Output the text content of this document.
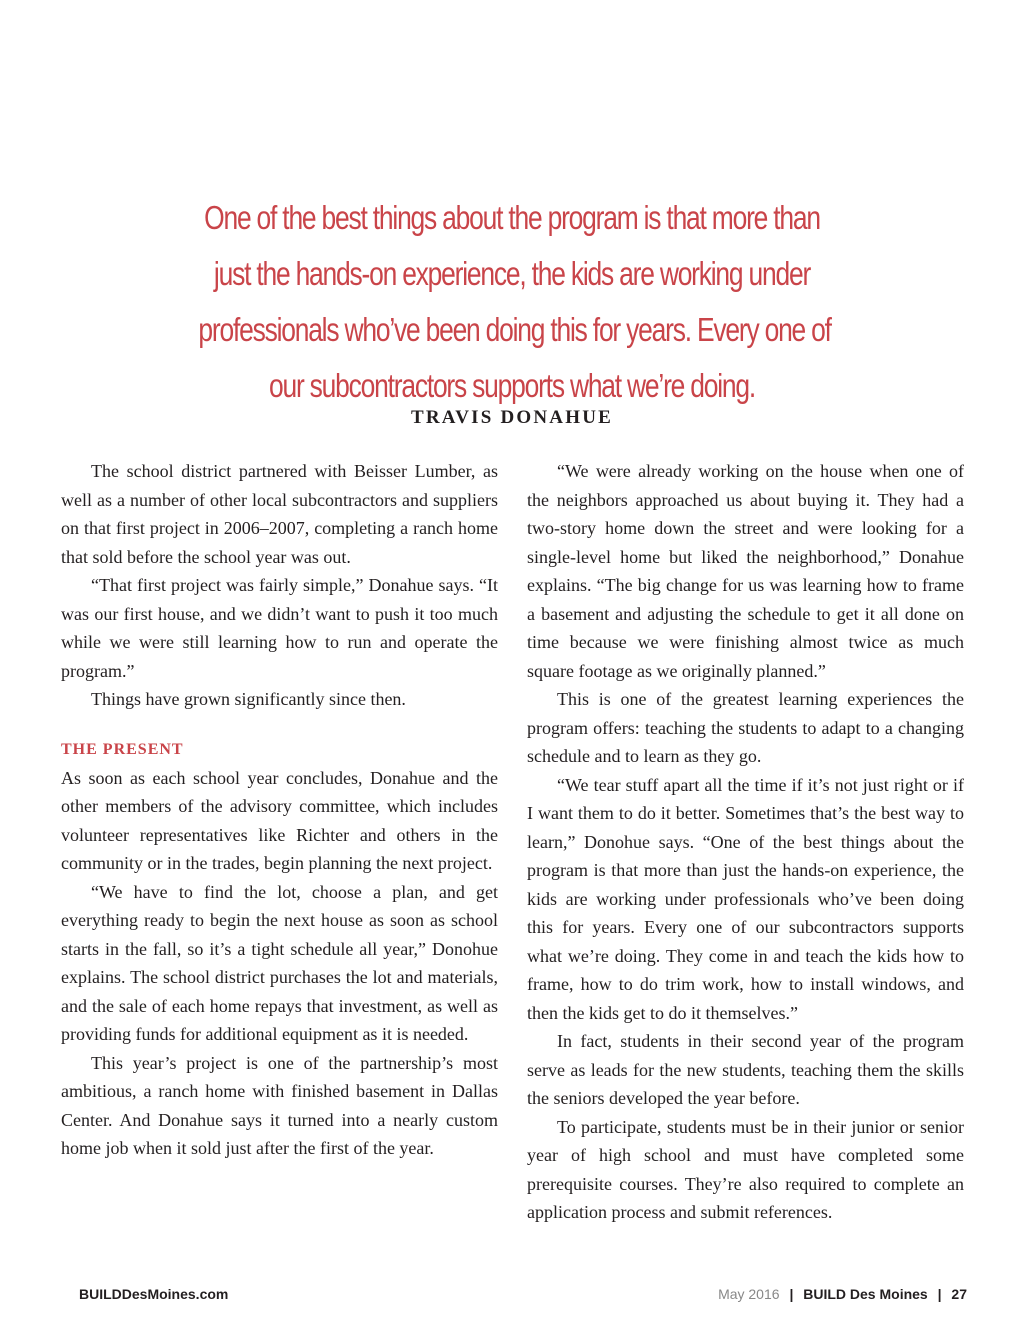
One of the best things about the program is that more than
just the hands-on experience, the kids are working under
professionals who’ve been doing this for years. Every one of
our subcontractors supports what we’re doing.
TRAVIS DONAHUE

The school district partnered with Beisser Lumber, as well as a number of other local subcontractors and suppliers on that first project in 2006–2007, completing a ranch home that sold before the school year was out.

“That first project was fairly simple,” Donahue says. “It was our first house, and we didn’t want to push it too much while we were still learning how to run and operate the program.”

Things have grown significantly since then.

THE PRESENT

As soon as each school year concludes, Donahue and the other members of the advisory committee, which includes volunteer representatives like Richter and others in the community or in the trades, begin planning the next project.

“We have to find the lot, choose a plan, and get everything ready to begin the next house as soon as school starts in the fall, so it’s a tight schedule all year,” Donohue explains. The school district purchases the lot and materials, and the sale of each home repays that investment, as well as providing funds for additional equipment as it is needed.

This year’s project is one of the partnership’s most ambitious, a ranch home with finished basement in Dallas Center. And Donahue says it turned into a nearly custom home job when it sold just after the first of the year.

“We were already working on the house when one of the neighbors approached us about buying it. They had a two-story home down the street and were looking for a single-level home but liked the neighborhood,” Donahue explains. “The big change for us was learning how to frame a basement and adjusting the schedule to get it all done on time because we were finishing almost twice as much square footage as we originally planned.”

This is one of the greatest learning experiences the program offers: teaching the students to adapt to a changing schedule and to learn as they go.

“We tear stuff apart all the time if it’s not just right or if I want them to do it better. Sometimes that’s the best way to learn,” Donohue says. “One of the best things about the program is that more than just the hands-on experience, the kids are working under professionals who’ve been doing this for years. Every one of our subcontractors supports what we’re doing. They come in and teach the kids how to frame, how to do trim work, how to install windows, and then the kids get to do it themselves.”

In fact, students in their second year of the program serve as leads for the new students, teaching them the skills the seniors developed the year before.

To participate, students must be in their junior or senior year of high school and must have completed some prerequisite courses. They’re also required to complete an application process and submit references.

BUILDDesMoines.com	May 2016 | BUILD Des Moines | 27
